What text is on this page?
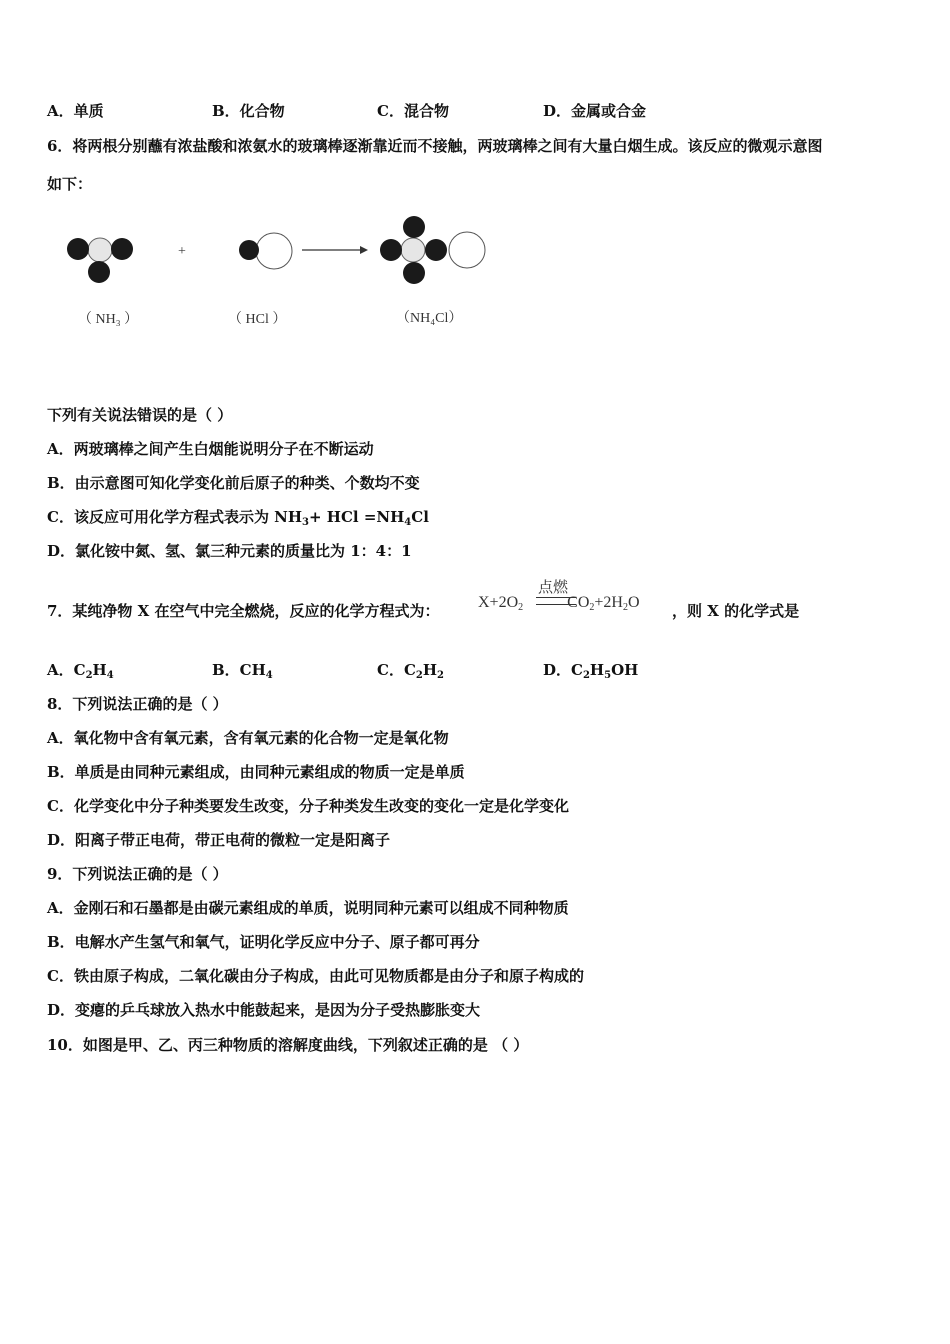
A．单质	B．化合物	C．混合物	D．金属或合金
6．将两根分别蘸有浓盐酸和浓氨水的玻璃棒逐渐靠近而不接触，两玻璃棒之间有大量白烟生成。该反应的微观示意图
如下：
+
（ NH₃ ）	（ HCl ）	（NH₄Cl）
下列有关说法错误的是（ ）
A．两玻璃棒之间产生白烟能说明分子在不断运动
B．由示意图可知化学变化前后原子的种类、个数均不变
C．该反应可用化学方程式表示为 $NH_3+$ HCl $=NH_4Cl$
D．氯化铵中氮、氢、氯三种元素的质量比为 1：4：1
7．某纯净物 X 在空气中完全燃烧，反应的化学方程式为： $X+2O_2$	$CO_2+2H_2O$
点燃
，则 X 的化学式是
A．$C_2H_4$	B．$CH_4$	C．$C_2H_2$	D．$C_2H_5OH$
8．下列说法正确的是（ ）
A．氧化物中含有氧元素，含有氧元素的化合物一定是氧化物
B．单质是由同种元素组成，由同种元素组成的物质一定是单质
C．化学变化中分子种类要发生改变，分子种类发生改变的变化一定是化学变化
D．阳离子带正电荷，带正电荷的微粒一定是阳离子
9．下列说法正确的是（ ）
A．金刚石和石墨都是由碳元素组成的单质，说明同种元素可以组成不同种物质
B．电解水产生氢气和氧气，证明化学反应中分子、原子都可再分
C．铁由原子构成，二氧化碳由分子构成，由此可见物质都是由分子和原子构成的
D．变瘪的乒乓球放入热水中能鼓起来，是因为分子受热膨胀变大
10．如图是甲、乙、丙三种物质的溶解度曲线，下列叙述正确的是 （ ）
